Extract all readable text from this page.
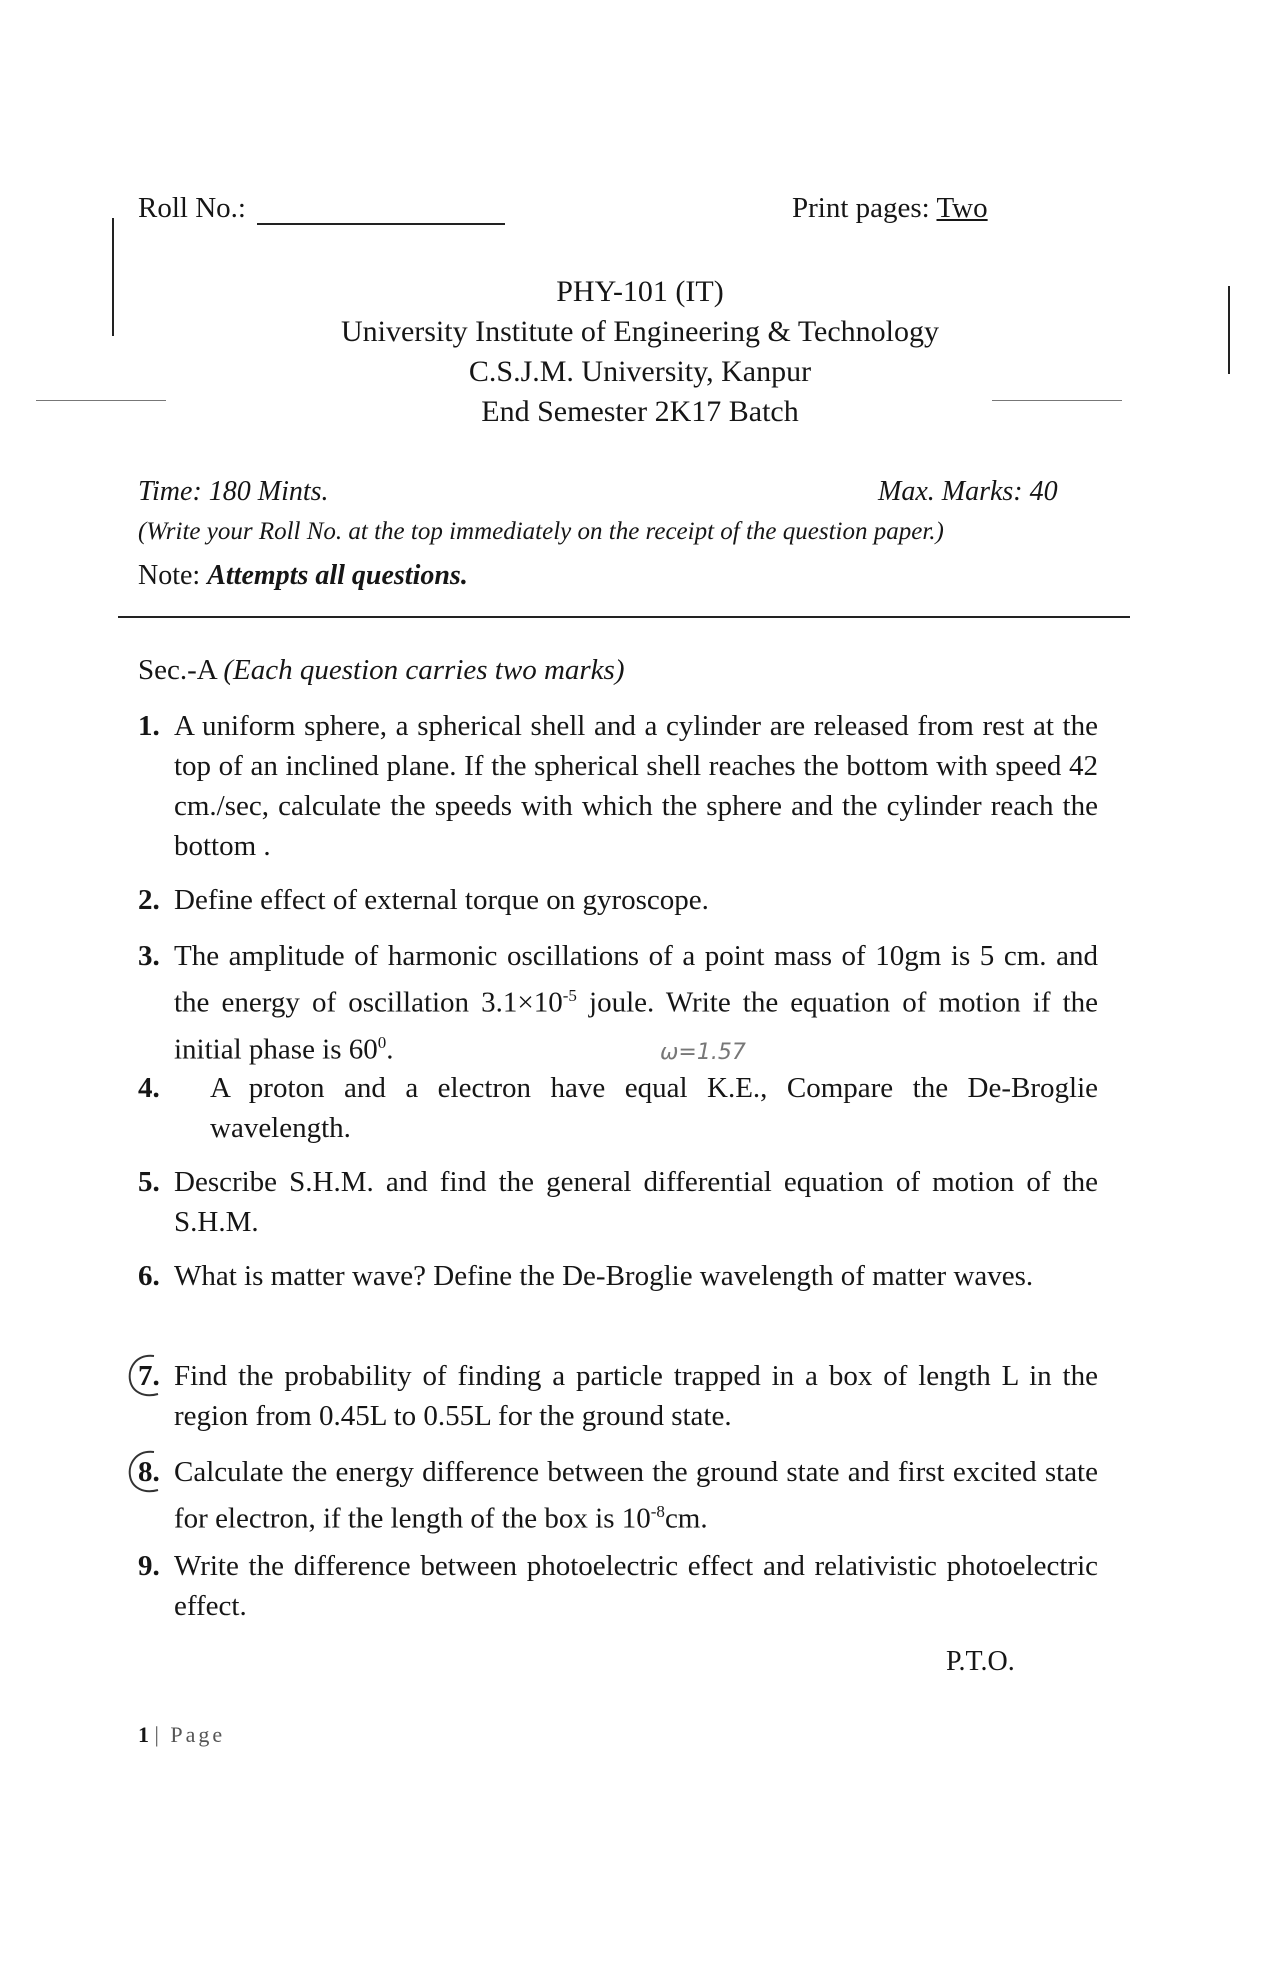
Roll No.:	Print pages: Two
PHY-101 (IT)
University Institute of Engineering & Technology
C.S.J.M. University, Kanpur
End Semester 2K17 Batch
Time: 180 Mints.	Max. Marks: 40
(Write your Roll No. at the top immediately on the receipt of the question paper.)
Note: Attempts all questions.
Sec.-A (Each question carries two marks)
1. A uniform sphere, a spherical shell and a cylinder are released from rest at the top of an inclined plane. If the spherical shell reaches the bottom with speed 42 cm./sec, calculate the speeds with which the sphere and the cylinder reach the bottom .
2. Define effect of external torque on gyroscope.
3. The amplitude of harmonic oscillations of a point mass of 10gm is 5 cm. and the energy of oscillation $3.1\times 10^{-5}$ joule. Write the equation of motion if the initial phase is $60^0$.
4. A proton and a electron have equal K.E., Compare the De-Broglie wavelength.
5. Describe S.H.M. and find the general differential equation of motion of the S.H.M.
6. What is matter wave? Define the De-Broglie wavelength of matter waves.
7. Find the probability of finding a particle trapped in a box of length L in the region from 0.45L to 0.55L for the ground state.
8. Calculate the energy difference between the ground state and first excited state for electron, if the length of the box is $10^{-8}cm$.
9. Write the difference between photoelectric effect and relativistic photoelectric effect.
ω=1.57
P.T.O.
1 | Page
